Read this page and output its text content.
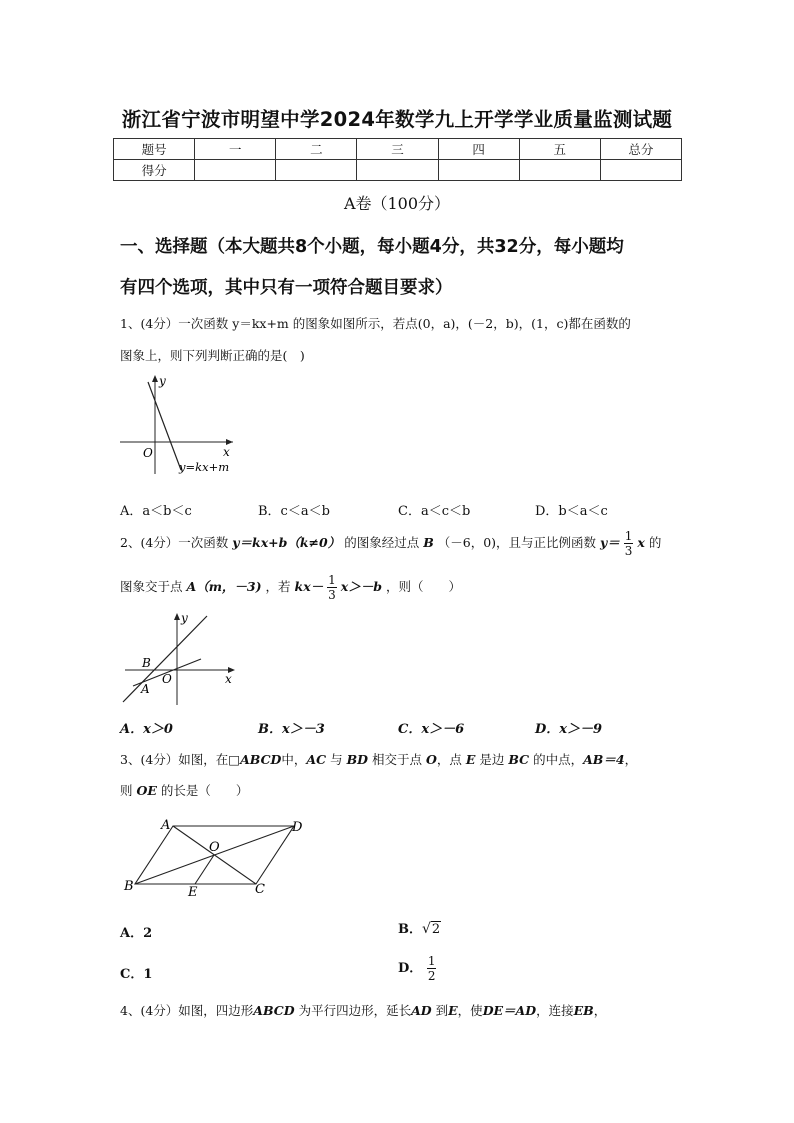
浙江省宁波市明望中学2024年数学九上开学学业质量监测试题
题号	一	二	三	四	五	总分
得分						
A卷（100分）
一、选择题（本大题共8个小题，每小题4分，共32分，每小题均
有四个选项，其中只有一项符合题目要求）
1、(4分）一次函数 y＝kx+m 的图象如图所示，若点(0，a)，(－2，b)，(1，c)都在函数的
图象上，则下列判断正确的是(　)
x
y
O
y=kx+m
A．a＜b＜c	B．c＜a＜b	C．a＜c＜b	D．b＜a＜c
2、(4分）一次函数 y＝kx+b（k≠0） 的图象经过点 B （－6，0)，且与正比例函数 $y= \frac{1}{3}$ x 的
图象交于点 A（m，－3) ，若 $kx- \frac{1}{3} x>-b$ ，则（　　）
x
y
O
B
A
A．x＞0	B．x＞－3	C．x＞－6	D．x＞－9
3、(4分）如图，在□ABCD中，AC 与 BD 相交于点 O，点 E 是边 BC 的中点，AB＝4，
则 OE 的长是（　　）
A	D
B	C
E
O
A．2	B．√2
C．1	D． $\frac{1}{2}$
4、(4分）如图，四边形ABCD 为平行四边形，延长AD 到E，使DE＝AD，连接EB，
